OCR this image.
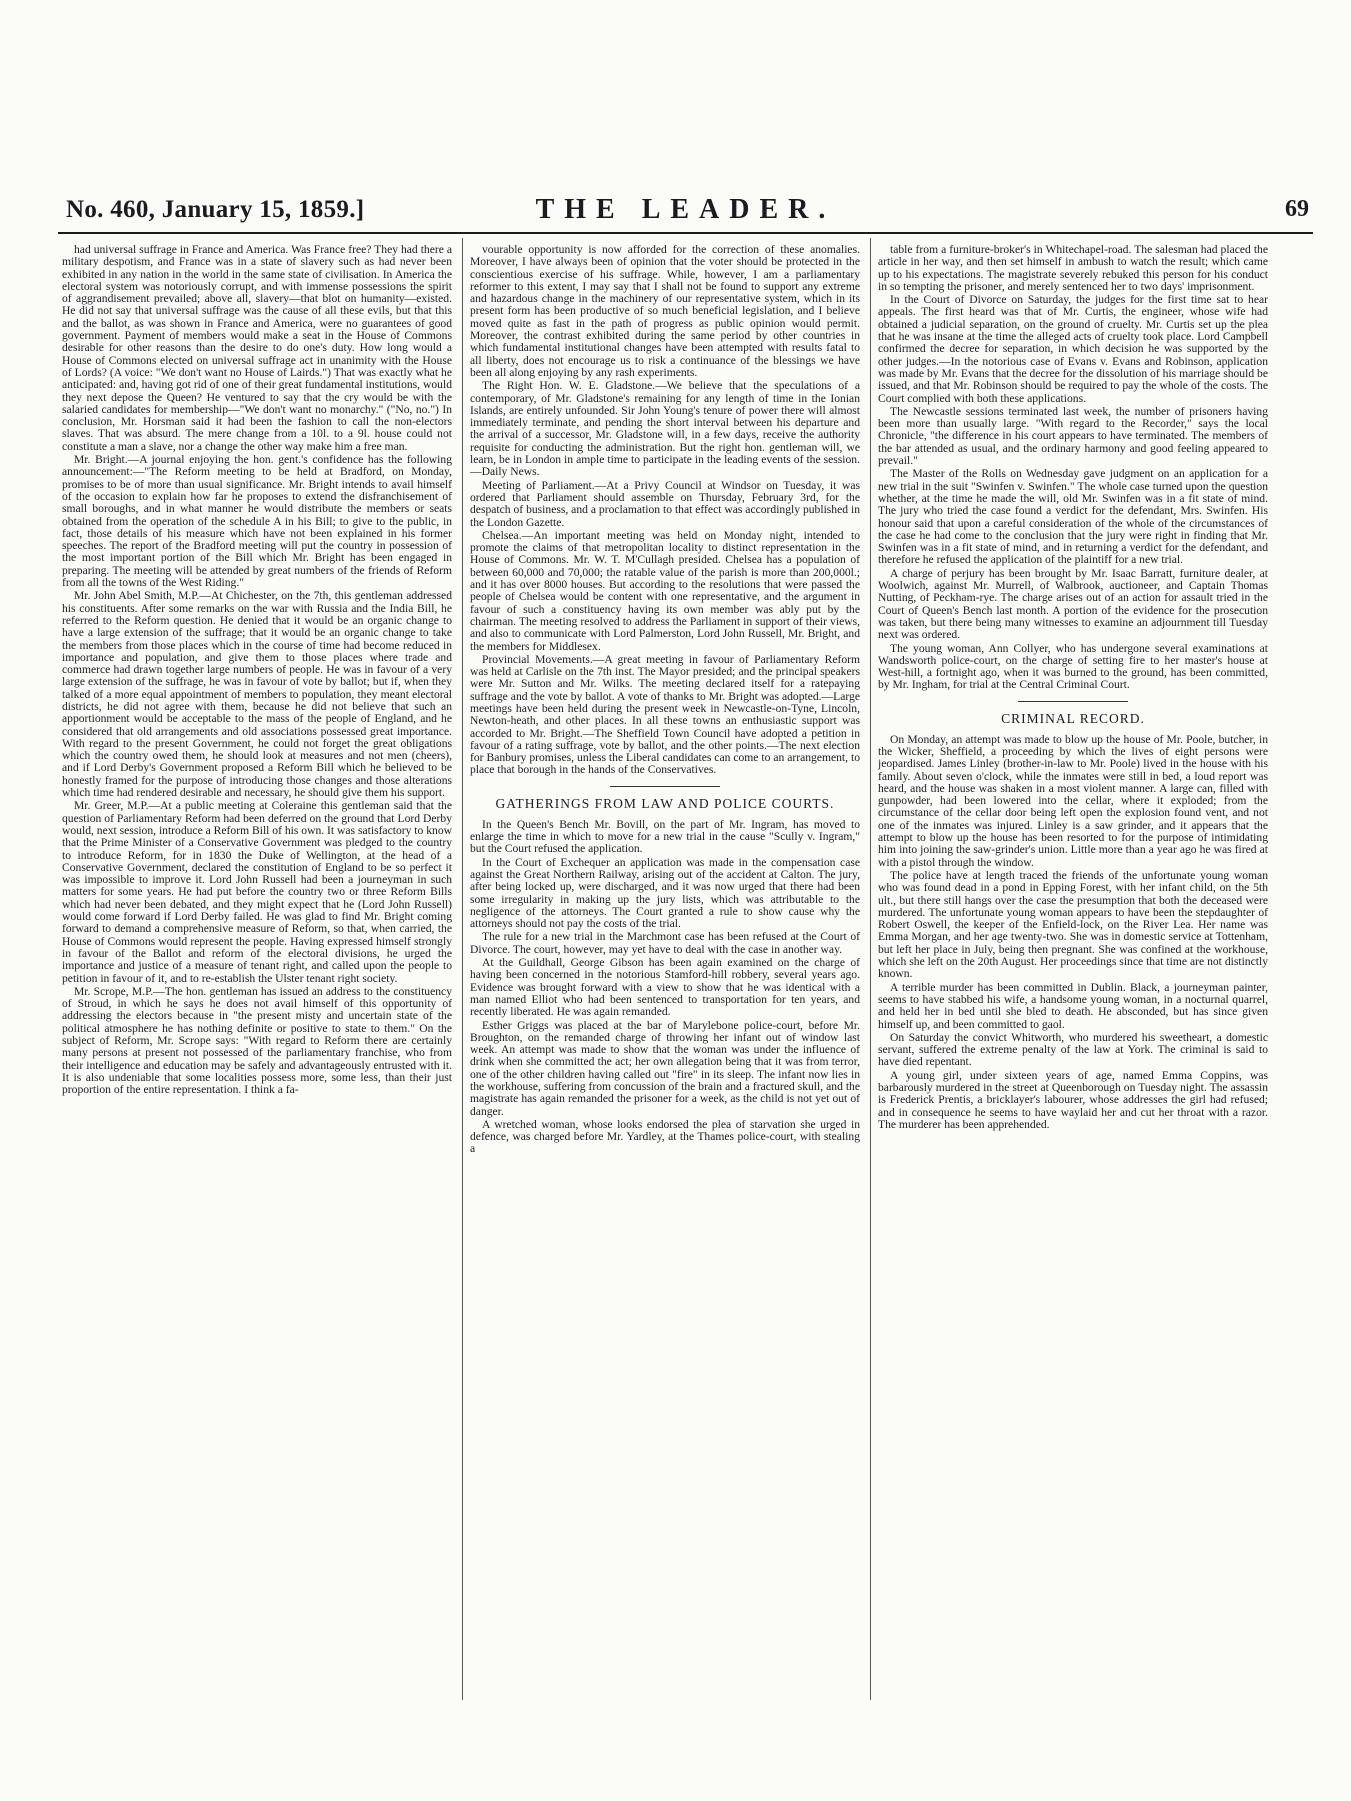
No. 460, January 15, 1859.]	THE LEADER.	69

had universal suffrage in France and America. Was France free? They had there a military despotism, and France was in a state of slavery such as had never been exhibited in any nation in the world in the same state of civilisation. In America the electoral system was notoriously corrupt, and with immense possessions the spirit of aggrandisement prevailed; above all, slavery—that blot on humanity—existed. He did not say that universal suffrage was the cause of all these evils, but that this and the ballot, as was shown in France and America, were no guarantees of good government. Payment of members would make a seat in the House of Commons desirable for other reasons than the desire to do one's duty. How long would a House of Commons elected on universal suffrage act in unanimity with the House of Lords? (A voice: "We don't want no House of Lairds.") That was exactly what he anticipated: and, having got rid of one of their great fundamental institutions, would they next depose the Queen? He ventured to say that the cry would be with the salaried candidates for membership—"We don't want no monarchy." ("No, no.") In conclusion, Mr. Horsman said it had been the fashion to call the non-electors slaves. That was absurd. The mere change from a 10l. to a 9l. house could not constitute a man a slave, nor a change the other way make him a free man.

Mr. Bright.—A journal enjoying the hon. gent.'s confidence has the following announcement:—"The Reform meeting to be held at Bradford, on Monday, promises to be of more than usual significance. Mr. Bright intends to avail himself of the occasion to explain how far he proposes to extend the disfranchisement of small boroughs, and in what manner he would distribute the members or seats obtained from the operation of the schedule A in his Bill; to give to the public, in fact, those details of his measure which have not been explained in his former speeches. The report of the Bradford meeting will put the country in possession of the most important portion of the Bill which Mr. Bright has been engaged in preparing. The meeting will be attended by great numbers of the friends of Reform from all the towns of the West Riding."

Mr. John Abel Smith, M.P.—At Chichester, on the 7th, this gentleman addressed his constituents. After some remarks on the war with Russia and the India Bill, he referred to the Reform question. He denied that it would be an organic change to have a large extension of the suffrage; that it would be an organic change to take the members from those places which in the course of time had become reduced in importance and population, and give them to those places where trade and commerce had drawn together large numbers of people. He was in favour of a very large extension of the suffrage, he was in favour of vote by ballot; but if, when they talked of a more equal appointment of members to population, they meant electoral districts, he did not agree with them, because he did not believe that such an apportionment would be acceptable to the mass of the people of England, and he considered that old arrangements and old associations possessed great importance. With regard to the present Government, he could not forget the great obligations which the country owed them, he should look at measures and not men (cheers), and if Lord Derby's Government proposed a Reform Bill which he believed to be honestly framed for the purpose of introducing those changes and those alterations which time had rendered desirable and necessary, he should give them his support.

Mr. Greer, M.P.—At a public meeting at Coleraine this gentleman said that the question of Parliamentary Reform had been deferred on the ground that Lord Derby would, next session, introduce a Reform Bill of his own. It was satisfactory to know that the Prime Minister of a Conservative Government was pledged to the country to introduce Reform, for in 1830 the Duke of Wellington, at the head of a Conservative Government, declared the constitution of England to be so perfect it was impossible to improve it. Lord John Russell had been a journeyman in such matters for some years. He had put before the country two or three Reform Bills which had never been debated, and they might expect that he (Lord John Russell) would come forward if Lord Derby failed. He was glad to find Mr. Bright coming forward to demand a comprehensive measure of Reform, so that, when carried, the House of Commons would represent the people. Having expressed himself strongly in favour of the Ballot and reform of the electoral divisions, he urged the importance and justice of a measure of tenant right, and called upon the people to petition in favour of it, and to re-establish the Ulster tenant right society.

Mr. Scrope, M.P.—The hon. gentleman has issued an address to the constituency of Stroud, in which he says he does not avail himself of this opportunity of addressing the electors because in "the present misty and uncertain state of the political atmosphere he has nothing definite or positive to state to them." On the subject of Reform, Mr. Scrope says: "With regard to Reform there are certainly many persons at present not possessed of the parliamentary franchise, who from their intelligence and education may be safely and advantageously entrusted with it. It is also undeniable that some localities possess more, some less, than their just proportion of the entire representation. I think a fa-

vourable opportunity is now afforded for the correction of these anomalies. Moreover, I have always been of opinion that the voter should be protected in the conscientious exercise of his suffrage. While, however, I am a parliamentary reformer to this extent, I may say that I shall not be found to support any extreme and hazardous change in the machinery of our representative system, which in its present form has been productive of so much beneficial legislation, and I believe moved quite as fast in the path of progress as public opinion would permit. Moreover, the contrast exhibited during the same period by other countries in which fundamental institutional changes have been attempted with results fatal to all liberty, does not encourage us to risk a continuance of the blessings we have been all along enjoying by any rash experiments.

The Right Hon. W. E. Gladstone.—We believe that the speculations of a contemporary, of Mr. Gladstone's remaining for any length of time in the Ionian Islands, are entirely unfounded. Sir John Young's tenure of power there will almost immediately terminate, and pending the short interval between his departure and the arrival of a successor, Mr. Gladstone will, in a few days, receive the authority requisite for conducting the administration. But the right hon. gentleman will, we learn, be in London in ample time to participate in the leading events of the session.—Daily News.

Meeting of Parliament.—At a Privy Council at Windsor on Tuesday, it was ordered that Parliament should assemble on Thursday, February 3rd, for the despatch of business, and a proclamation to that effect was accordingly published in the London Gazette.

Chelsea.—An important meeting was held on Monday night, intended to promote the claims of that metropolitan locality to distinct representation in the House of Commons. Mr. W. T. M'Cullagh presided. Chelsea has a population of between 60,000 and 70,000; the ratable value of the parish is more than 200,000l.; and it has over 8000 houses. But according to the resolutions that were passed the people of Chelsea would be content with one representative, and the argument in favour of such a constituency having its own member was ably put by the chairman. The meeting resolved to address the Parliament in support of their views, and also to communicate with Lord Palmerston, Lord John Russell, Mr. Bright, and the members for Middlesex.

Provincial Movements.—A great meeting in favour of Parliamentary Reform was held at Carlisle on the 7th inst. The Mayor presided; and the principal speakers were Mr. Sutton and Mr. Wilks. The meeting declared itself for a ratepaying suffrage and the vote by ballot. A vote of thanks to Mr. Bright was adopted.—Large meetings have been held during the present week in Newcastle-on-Tyne, Lincoln, Newton-heath, and other places. In all these towns an enthusiastic support was accorded to Mr. Bright.—The Sheffield Town Council have adopted a petition in favour of a rating suffrage, vote by ballot, and the other points.—The next election for Banbury promises, unless the Liberal candidates can come to an arrangement, to place that borough in the hands of the Conservatives.

GATHERINGS FROM LAW AND POLICE COURTS.

In the Queen's Bench Mr. Bovill, on the part of Mr. Ingram, has moved to enlarge the time in which to move for a new trial in the cause "Scully v. Ingram," but the Court refused the application.

In the Court of Exchequer an application was made in the compensation case against the Great Northern Railway, arising out of the accident at Calton. The jury, after being locked up, were discharged, and it was now urged that there had been some irregularity in making up the jury lists, which was attributable to the negligence of the attorneys. The Court granted a rule to show cause why the attorneys should not pay the costs of the trial.

The rule for a new trial in the Marchmont case has been refused at the Court of Divorce. The court, however, may yet have to deal with the case in another way.

At the Guildhall, George Gibson has been again examined on the charge of having been concerned in the notorious Stamford-hill robbery, several years ago. Evidence was brought forward with a view to show that he was identical with a man named Elliot who had been sentenced to transportation for ten years, and recently liberated. He was again remanded.

Esther Griggs was placed at the bar of Marylebone police-court, before Mr. Broughton, on the remanded charge of throwing her infant out of window last week. An attempt was made to show that the woman was under the influence of drink when she committed the act; her own allegation being that it was from terror, one of the other children having called out "fire" in its sleep. The infant now lies in the workhouse, suffering from concussion of the brain and a fractured skull, and the magistrate has again remanded the prisoner for a week, as the child is not yet out of danger.

A wretched woman, whose looks endorsed the plea of starvation she urged in defence, was charged before Mr. Yardley, at the Thames police-court, with stealing a

table from a furniture-broker's in Whitechapel-road. The salesman had placed the article in her way, and then set himself in ambush to watch the result; which came up to his expectations. The magistrate severely rebuked this person for his conduct in so tempting the prisoner, and merely sentenced her to two days' imprisonment.

In the Court of Divorce on Saturday, the judges for the first time sat to hear appeals. The first heard was that of Mr. Curtis, the engineer, whose wife had obtained a judicial separation, on the ground of cruelty. Mr. Curtis set up the plea that he was insane at the time the alleged acts of cruelty took place. Lord Campbell confirmed the decree for separation, in which decision he was supported by the other judges.—In the notorious case of Evans v. Evans and Robinson, application was made by Mr. Evans that the decree for the dissolution of his marriage should be issued, and that Mr. Robinson should be required to pay the whole of the costs. The Court complied with both these applications.

The Newcastle sessions terminated last week, the number of prisoners having been more than usually large. "With regard to the Recorder," says the local Chronicle, "the difference in his court appears to have terminated. The members of the bar attended as usual, and the ordinary harmony and good feeling appeared to prevail."

The Master of the Rolls on Wednesday gave judgment on an application for a new trial in the suit "Swinfen v. Swinfen." The whole case turned upon the question whether, at the time he made the will, old Mr. Swinfen was in a fit state of mind. The jury who tried the case found a verdict for the defendant, Mrs. Swinfen. His honour said that upon a careful consideration of the whole of the circumstances of the case he had come to the conclusion that the jury were right in finding that Mr. Swinfen was in a fit state of mind, and in returning a verdict for the defendant, and therefore he refused the application of the plaintiff for a new trial.

A charge of perjury has been brought by Mr. Isaac Barratt, furniture dealer, at Woolwich, against Mr. Murrell, of Walbrook, auctioneer, and Captain Thomas Nutting, of Peckham-rye. The charge arises out of an action for assault tried in the Court of Queen's Bench last month. A portion of the evidence for the prosecution was taken, but there being many witnesses to examine an adjournment till Tuesday next was ordered.

The young woman, Ann Collyer, who has undergone several examinations at Wandsworth police-court, on the charge of setting fire to her master's house at West-hill, a fortnight ago, when it was burned to the ground, has been committed, by Mr. Ingham, for trial at the Central Criminal Court.

CRIMINAL RECORD.

On Monday, an attempt was made to blow up the house of Mr. Poole, butcher, in the Wicker, Sheffield, a proceeding by which the lives of eight persons were jeopardised. James Linley (brother-in-law to Mr. Poole) lived in the house with his family. About seven o'clock, while the inmates were still in bed, a loud report was heard, and the house was shaken in a most violent manner. A large can, filled with gunpowder, had been lowered into the cellar, where it exploded; from the circumstance of the cellar door being left open the explosion found vent, and not one of the inmates was injured. Linley is a saw grinder, and it appears that the attempt to blow up the house has been resorted to for the purpose of intimidating him into joining the saw-grinder's union. Little more than a year ago he was fired at with a pistol through the window.

The police have at length traced the friends of the unfortunate young woman who was found dead in a pond in Epping Forest, with her infant child, on the 5th ult., but there still hangs over the case the presumption that both the deceased were murdered. The unfortunate young woman appears to have been the stepdaughter of Robert Oswell, the keeper of the Enfield-lock, on the River Lea. Her name was Emma Morgan, and her age twenty-two. She was in domestic service at Tottenham, but left her place in July, being then pregnant. She was confined at the workhouse, which she left on the 20th August. Her proceedings since that time are not distinctly known.

A terrible murder has been committed in Dublin. Black, a journeyman painter, seems to have stabbed his wife, a handsome young woman, in a nocturnal quarrel, and held her in bed until she bled to death. He absconded, but has since given himself up, and been committed to gaol.

On Saturday the convict Whitworth, who murdered his sweetheart, a domestic servant, suffered the extreme penalty of the law at York. The criminal is said to have died repentant.

A young girl, under sixteen years of age, named Emma Coppins, was barbarously murdered in the street at Queenborough on Tuesday night. The assassin is Frederick Prentis, a bricklayer's labourer, whose addresses the girl had refused; and in consequence he seems to have waylaid her and cut her throat with a razor. The murderer has been apprehended.
